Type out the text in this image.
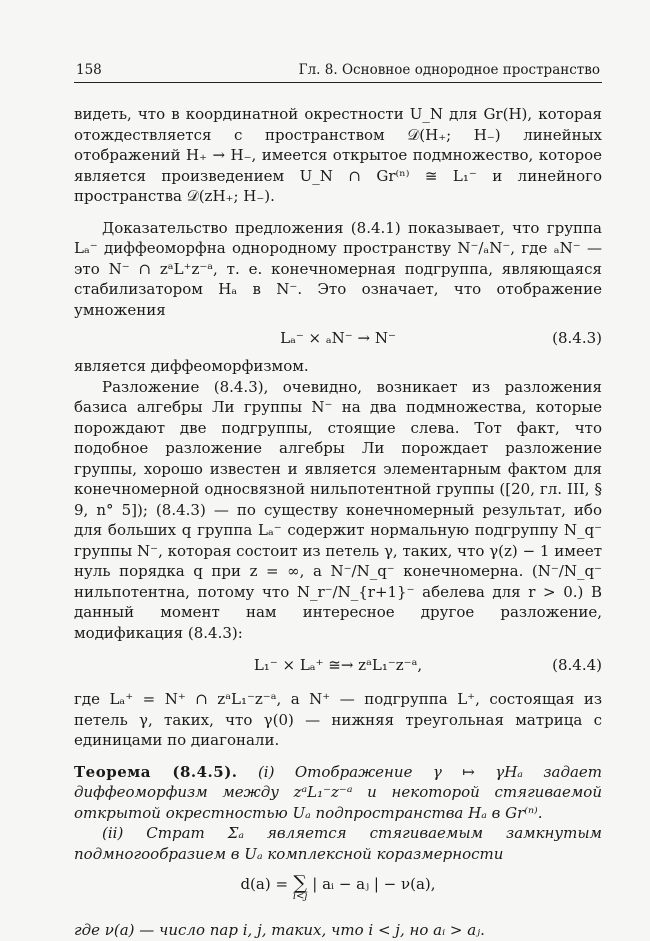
158	Гл. 8. Основное однородное пространство

видеть, что в координатной окрестности U_N для Gr(H), которая отождествляется с пространством 𝒟(H₊; H₋) линейных отображений H₊ → H₋, имеется открытое подмножество, которое является произведением U_N ∩ Gr⁽ⁿ⁾ ≅ L₁⁻ и линейного пространства 𝒟(zH₊; H₋).

Доказательство предложения (8.4.1) показывает, что группа Lₐ⁻ диффеоморфна однородному пространству N⁻/ₐN⁻, где ₐN⁻ — это N⁻ ∩ zᵃL⁺z⁻ᵃ, т. е. конечномерная подгруппа, являющаяся стабилизатором Hₐ в N⁻. Это означает, что отображение умножения

Lₐ⁻ × ₐN⁻ → N⁻	(8.4.3)

является диффеоморфизмом.

Разложение (8.4.3), очевидно, возникает из разложения базиса алгебры Ли группы N⁻ на два подмножества, которые порождают две подгруппы, стоящие слева. Тот факт, что подобное разложение алгебры Ли порождает разложение группы, хорошо известен и является элементарным фактом для конечномерной односвязной нильпотентной группы ([20, гл. III, § 9, n° 5]); (8.4.3) — по существу конечномерный результат, ибо для больших q группа Lₐ⁻ содержит нормальную подгруппу N_q⁻ группы N⁻, которая состоит из петель γ, таких, что γ(z) − 1 имеет нуль порядка q при z = ∞, а N⁻/N_q⁻ конечномерна. (N⁻/N_q⁻ нильпотентна, потому что N_r⁻/N_{r+1}⁻ абелева для r > 0.) В данный момент нам интересное другое разложение, модификация (8.4.3):

L₁⁻ × Lₐ⁺ ≅→ zᵃL₁⁻z⁻ᵃ,	(8.4.4)

где Lₐ⁺ = N⁺ ∩ zᵃL₁⁻z⁻ᵃ, а N⁺ — подгруппа L⁺, состоящая из петель γ, таких, что γ(0) — нижняя треугольная матрица с единицами по диагонали.

Теорема (8.4.5). (i) Отображение γ ↦ γHₐ задает диффеоморфизм между zᵃL₁⁻z⁻ᵃ и некоторой стягиваемой открытой окрестностью Uₐ подпространства Hₐ в Gr⁽ⁿ⁾.

(ii) Страт Σₐ является стягиваемым замкнутым подмногообразием в Uₐ комплексной коразмерности

d(a) = ∑
i<j
| aᵢ − aⱼ | − ν(a),

где ν(a) — число пар i, j, таких, что i < j, но aᵢ > aⱼ.
